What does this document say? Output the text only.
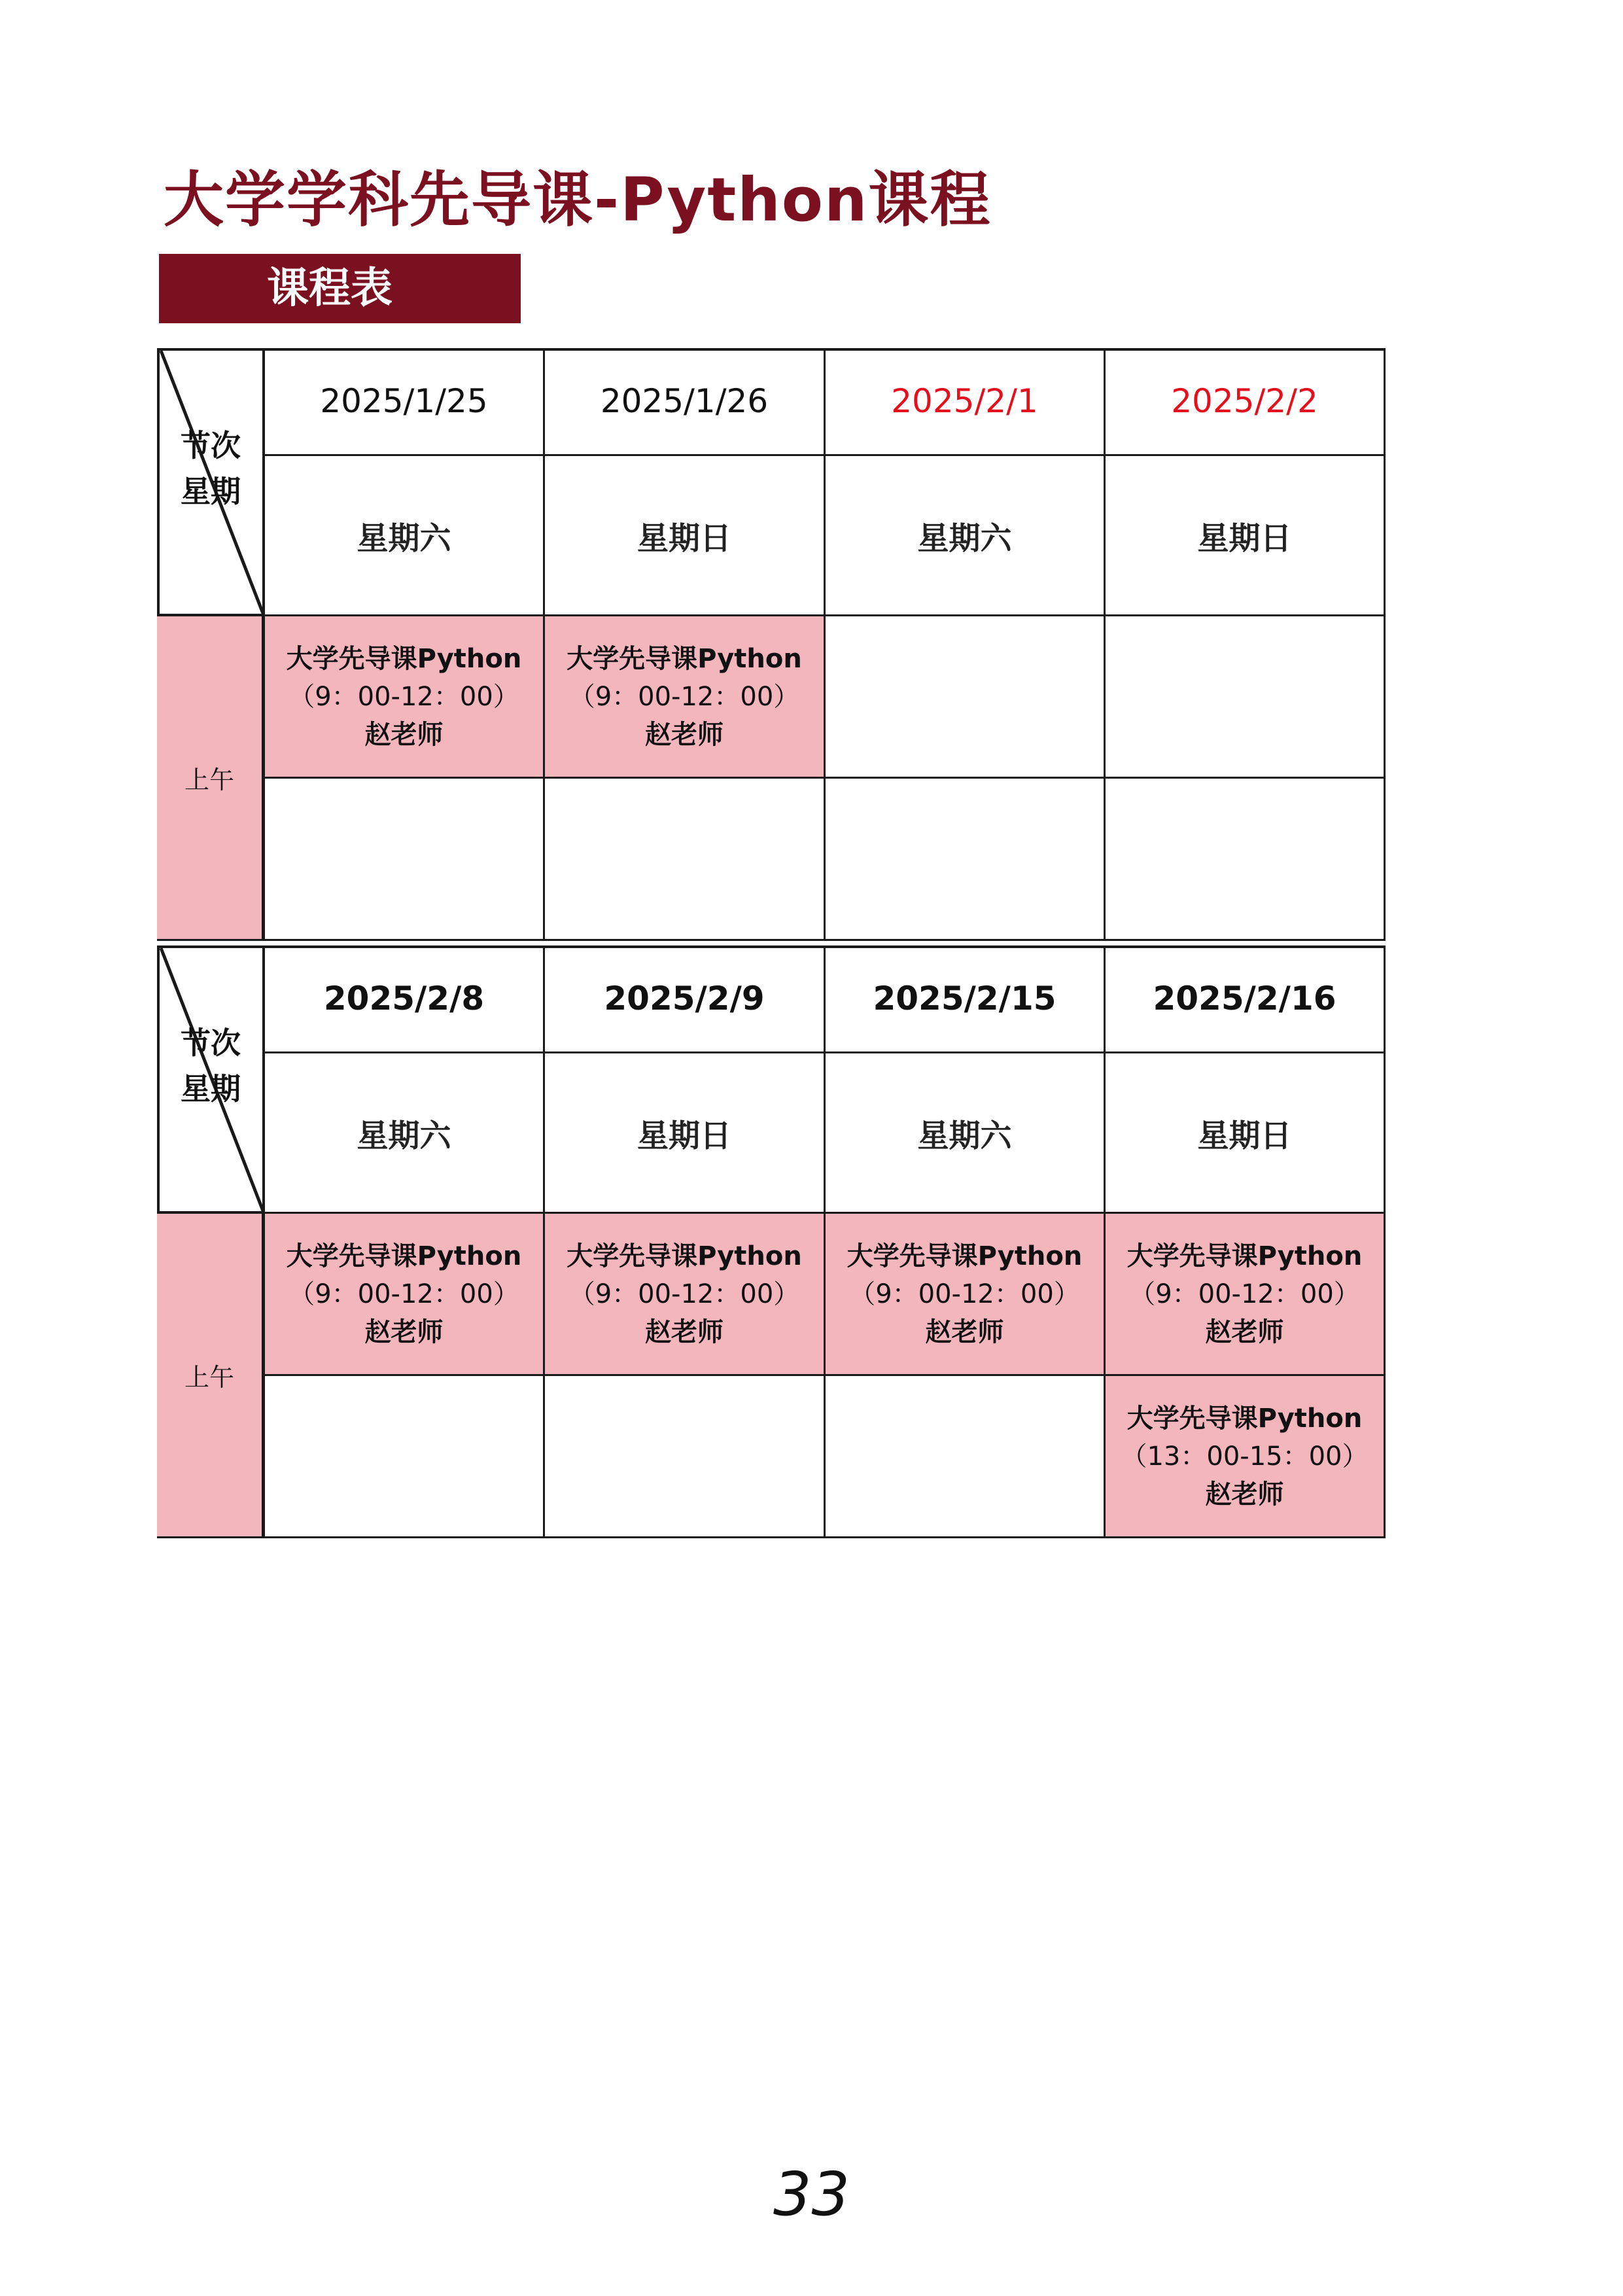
大学学科先导课-Python课程
课程表
节次
星期
上午
2025/1/25
星期六
大学先导课Python
（9：00-12：00）
赵老师
2025/1/26
星期日
大学先导课Python
（9：00-12：00）
赵老师
2025/2/1
星期六
2025/2/2
星期日
节次
星期
上午
2025/2/8
星期六
大学先导课Python
（9：00-12：00）
赵老师
2025/2/9
星期日
大学先导课Python
（9：00-12：00）
赵老师
2025/2/15
星期六
大学先导课Python
（9：00-12：00）
赵老师
2025/2/16
星期日
大学先导课Python
（9：00-12：00）
赵老师
大学先导课Python
（13：00-15：00）
赵老师
33
